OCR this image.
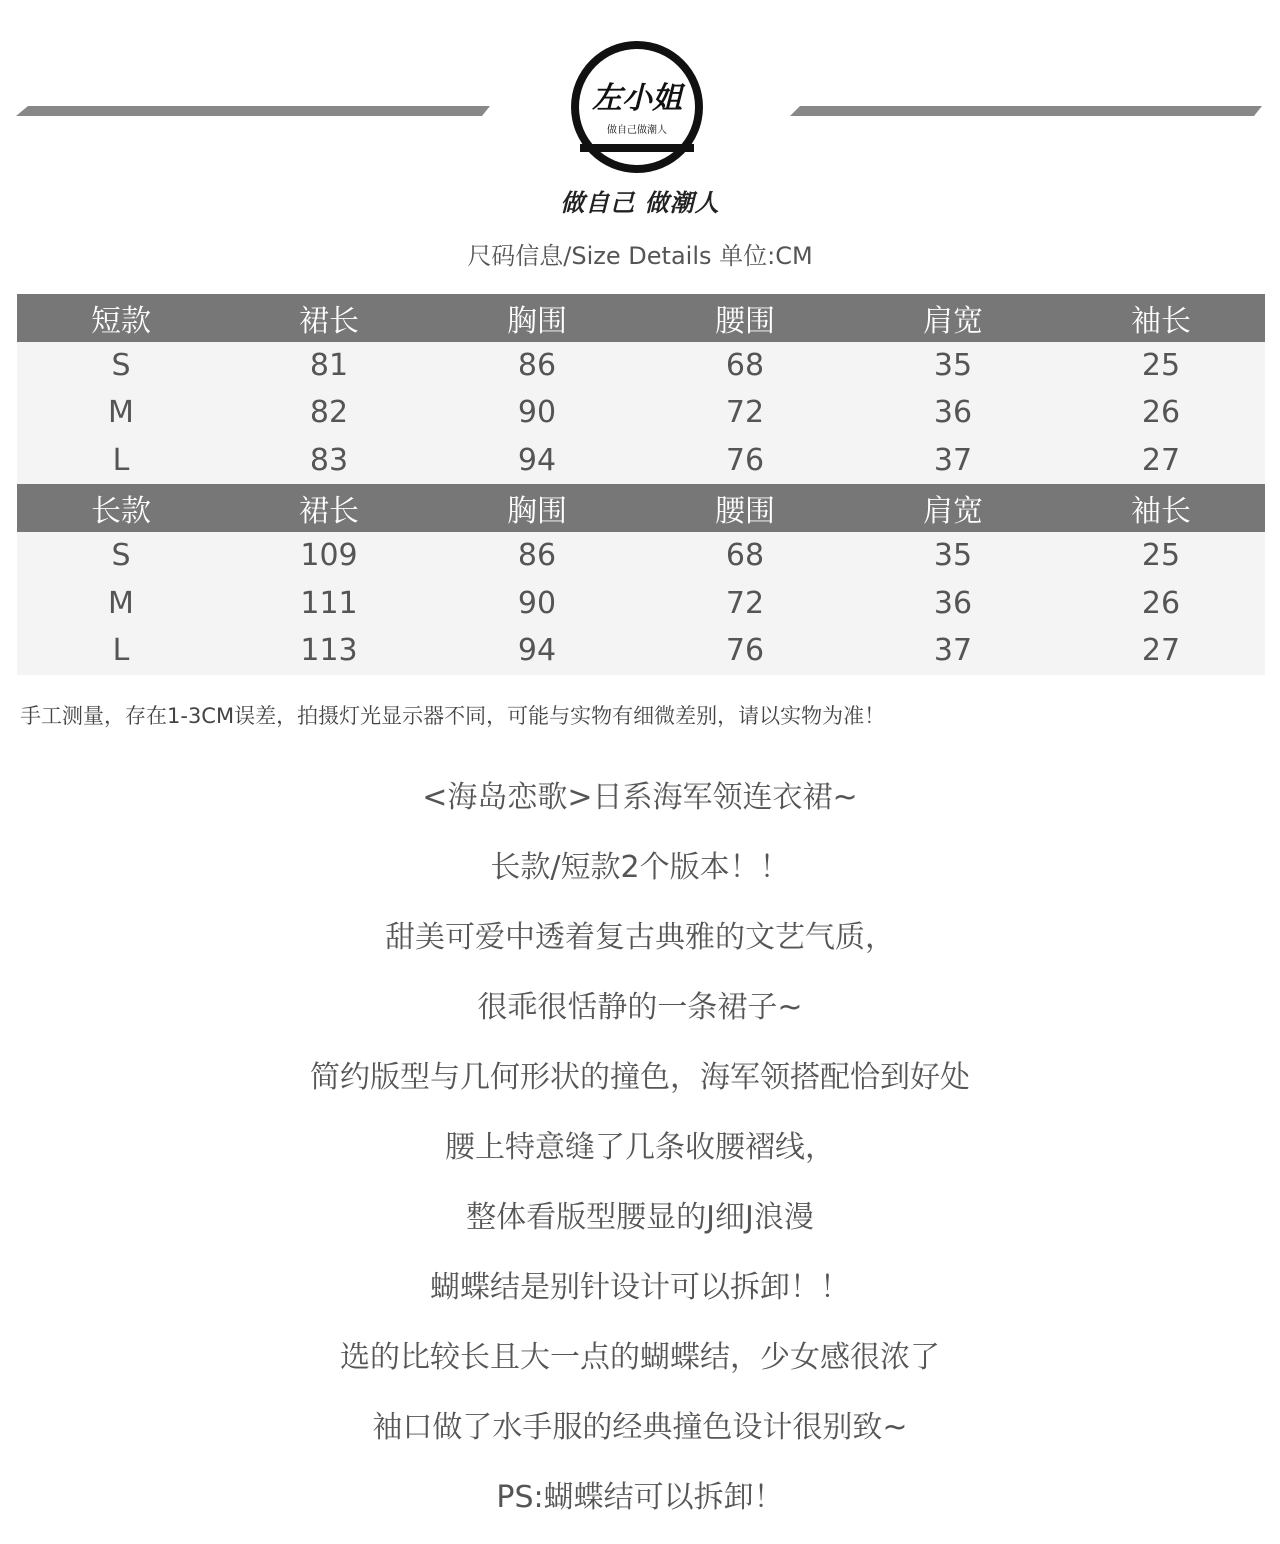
左小姐
做自己做潮人
做自己 做潮人
尺码信息/Size Details 单位:CM
短款	裙长	胸围	腰围	肩宽	袖长
S	81	86	68	35	25
M	82	90	72	36	26
L	83	94	76	37	27
长款	裙长	胸围	腰围	肩宽	袖长
S	109	86	68	35	25
M	111	90	72	36	26
L	113	94	76	37	27
手工测量，存在1-3CM误差，拍摄灯光显示器不同，可能与实物有细微差别，请以实物为准！
<海岛恋歌>日系海军领连衣裙~
长款/短款2个版本！！
甜美可爱中透着复古典雅的文艺气质，
很乖很恬静的一条裙子~
简约版型与几何形状的撞色，海军领搭配恰到好处
腰上特意缝了几条收腰褶线，
整体看版型腰显的J细J浪漫
蝴蝶结是别针设计可以拆卸！！
选的比较长且大一点的蝴蝶结，少女感很浓了
袖口做了水手服的经典撞色设计很别致~
PS:蝴蝶结可以拆卸！
